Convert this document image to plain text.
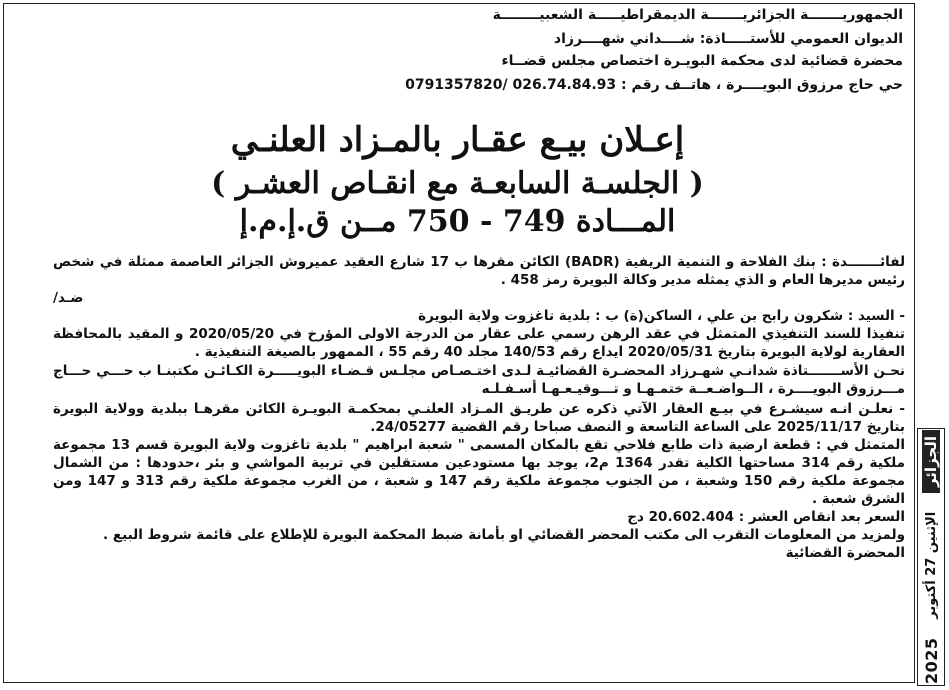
الجزائر
الإثنين 27 أكتوبر
2025
الجمهوريـــــــة الجزائريـــــــة الديمقراطيـــــة الشعبيــــــــة
الديوان العمومي للأستـــــاذة: شــــداني شهــــرزاد
محضرة قضائية لدى محكمة البويـرة اختصاص مجلس قضــاء
حي حاج مرزوق البويــــرة ، هاتــف رقم : 026.74.84.93 /0791357820
إعـلان بيـع عقـار بالمـزاد العلنـي
( الجلسـة السابعـة مع انقـاص العشـر )
المـــادة 749 - 750 مــن ق.إ.م.إ

لفائـــــــدة : بنك الفلاحة و التنمية الريفية (BADR) الكائن مقرها ب 17 شارع العقيد عميروش الجزائر العاصمة ممثلة في شخص رئيس مديرها العام و الذي يمثله مدير وكالة البويرة رمز 458 .

ضـد/

- السيد : شكرون رابح بن علي ، الساكن(ة) ب : بلدية تاغزوت ولاية البويرة

تنفيذا للسند التنفيذي المتمثل في عقد الرهن رسمي على عقار من الدرجة الاولى المؤرخ في 2020/05/20 و المقيد بالمحافظة العقارية لولاية البويرة بتاريخ 2020/05/31 ايداع رقم 140/53 مجلد 40 رقم 55 ، الممهور بالصيغة التنفيذية .

نحـن الأســـــــتاذة شدانـي شهـرزاد المحضـرة القضائيـة لـدى اختـصـاص مجلـس قـضـاء البويـــــرة الكـائـن مكتبنـا ب حـــي حـــاج مـــرزوق البويــــرة ، الــواضـعــة ختمـهـا و تـــوقيـعـهـا أسـفـلـه

- نعلـن انـه سيشـرع في بيـع العقار الآتي ذكره عن طريـق المـزاد العلنـي بمحكمـة البويـرة الكائن مقرهـا ببلدية وولاية البويرة بتاريخ 2025/11/17 على الساعة التاسعة و النصف صباحا رقم القضية 24/05277.

المتمثل في : قطعة ارضية ذات طابع فلاحي تقع بالمكان المسمى " شعبة ابراهيم " بلدية تاغزوت ولاية البويرة قسم 13 مجموعة ملكية رقم 314 مساحتها الكلية تقدر 1364 م2، يوجد بها مستودعين مستقلين في تربية المواشي و بئر ،حدودها : من الشمال مجموعة ملكية رقم 150 وشعبة ، من الجنوب مجموعة ملكية رقم 147 و شعبة ، من الغرب مجموعة ملكية رقم 313 و 147 ومن الشرق شعبة .

السعر بعد انقاص العشر : 20.602.404 دج

ولمزيد من المعلومات التقرب الى مكتب المحضر القضائي او بأمانة ضبط المحكمة البويرة للإطلاع على قائمة شروط البيع .

المحضرة القضائية
